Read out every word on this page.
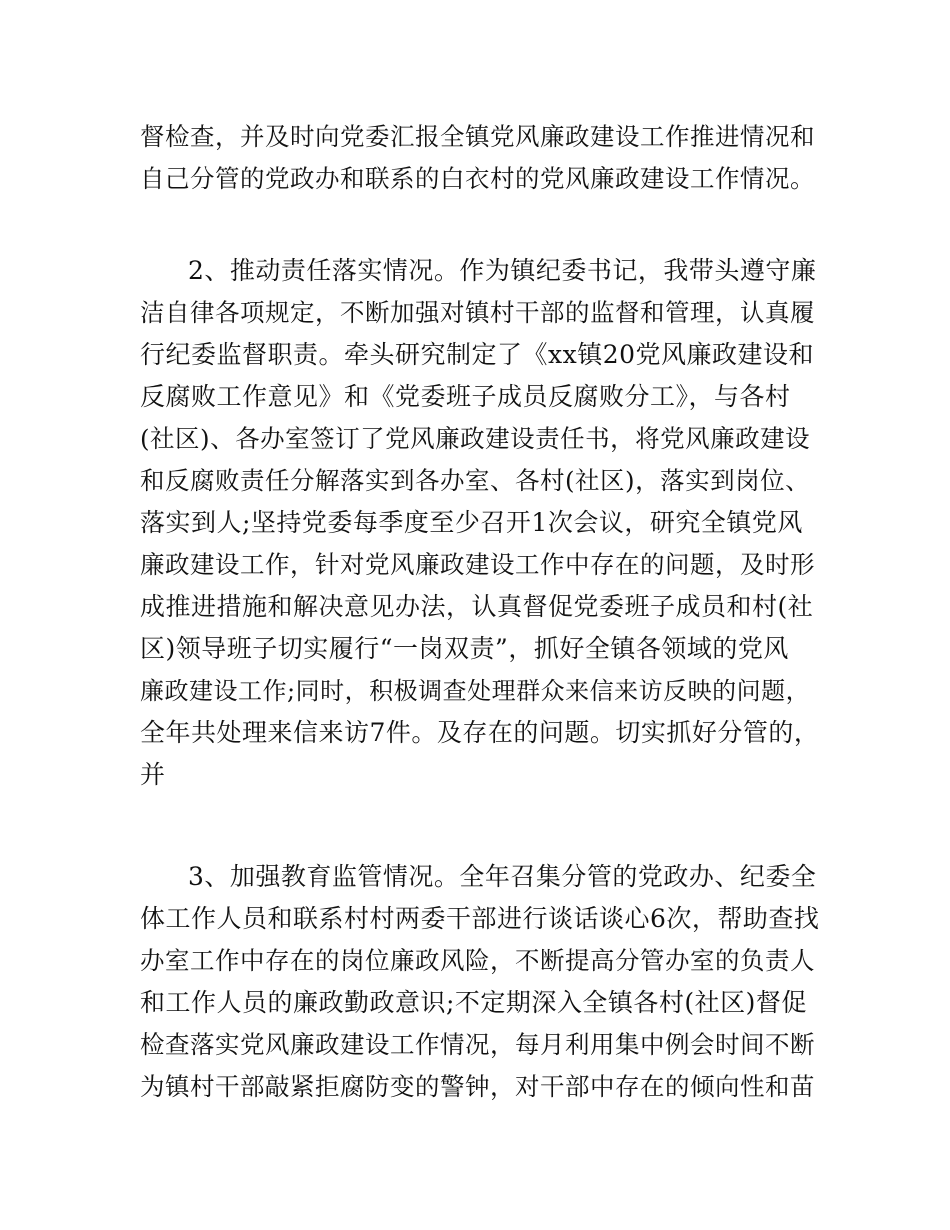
督检查，并及时向党委汇报全镇党风廉政建设工作推进情况和
自己分管的党政办和联系的白衣村的党风廉政建设工作情况。
2、推动责任落实情况。作为镇纪委书记，我带头遵守廉
洁自律各项规定，不断加强对镇村干部的监督和管理，认真履
行纪委监督职责。牵头研究制定了《xx镇20党风廉政建设和
反腐败工作意见》和《党委班子成员反腐败分工》，与各村
(社区)、各办室签订了党风廉政建设责任书，将党风廉政建设
和反腐败责任分解落实到各办室、各村(社区)，落实到岗位、
落实到人;坚持党委每季度至少召开1次会议，研究全镇党风
廉政建设工作，针对党风廉政建设工作中存在的问题，及时形
成推进措施和解决意见办法，认真督促党委班子成员和村(社
区)领导班子切实履行“一岗双责”，抓好全镇各领域的党风
廉政建设工作;同时，积极调查处理群众来信来访反映的问题，
全年共处理来信来访7件。及存在的问题。切实抓好分管的，
并
3、加强教育监管情况。全年召集分管的党政办、纪委全
体工作人员和联系村村两委干部进行谈话谈心6次，帮助查找
办室工作中存在的岗位廉政风险，不断提高分管办室的负责人
和工作人员的廉政勤政意识;不定期深入全镇各村(社区)督促
检查落实党风廉政建设工作情况，每月利用集中例会时间不断
为镇村干部敲紧拒腐防变的警钟，对干部中存在的倾向性和苗
